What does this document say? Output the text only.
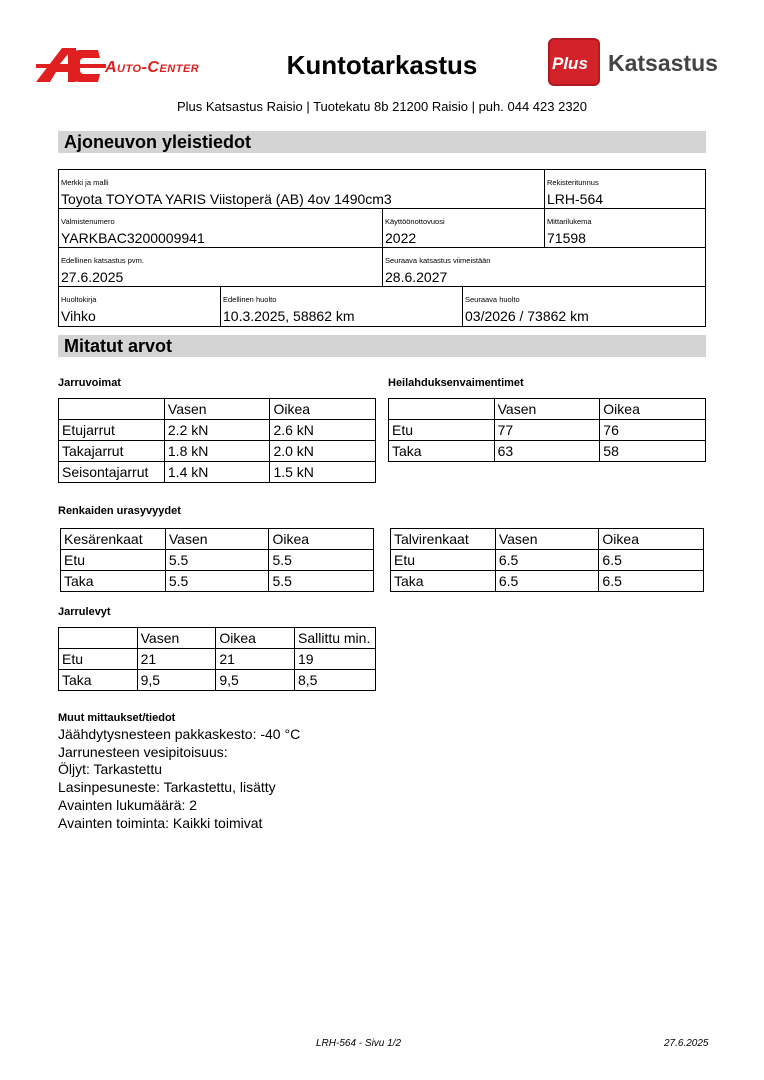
Auto-Center	Kuntotarkastus	Plus Katsastus
Plus Katsastus Raisio | Tuotekatu 8b 21200 Raisio | puh. 044 423 2320
Ajoneuvon yleistiedot
Merkki ja malli
Toyota TOYOTA YARIS Viistoperä (AB) 4ov 1490cm3
Rekisteritunnus
LRH-564
Valmistenumero
YARKBAC3200009941
Käyttöönottovuosi
2022
Mittarilukema
71598
Edellinen katsastus pvm.
27.6.2025
Seuraava katsastus viimeistään
28.6.2027
Huoltokirja
Vihko
Edellinen huolto
10.3.2025, 58862 km
Seuraava huolto
03/2026 / 73862 km
Mitatut arvot
Jarruvoimat	Heilahduksenvaimentimet
	Vasen	Oikea
Etujarrut	2.2 kN	2.6 kN
Takajarrut	1.8 kN	2.0 kN
Seisontajarrut	1.4 kN	1.5 kN
	Vasen	Oikea
Etu	77	76
Taka	63	58
Renkaiden urasyvyydet
Kesärenkaat	Vasen	Oikea
Etu	5.5	5.5
Taka	5.5	5.5
Talvirenkaat	Vasen	Oikea
Etu	6.5	6.5
Taka	6.5	6.5
Jarrulevyt
	Vasen	Oikea	Sallittu min.
Etu	21	21	19
Taka	9,5	9,5	8,5
Muut mittaukset/tiedot
Jäähdytysnesteen pakkaskesto: -40 °C
Jarrunesteen vesipitoisuus:
Öljyt: Tarkastettu
Lasinpesuneste: Tarkastettu, lisätty
Avainten lukumäärä: 2
Avainten toiminta: Kaikki toimivat
LRH-564 - Sivu 1/2	27.6.2025
